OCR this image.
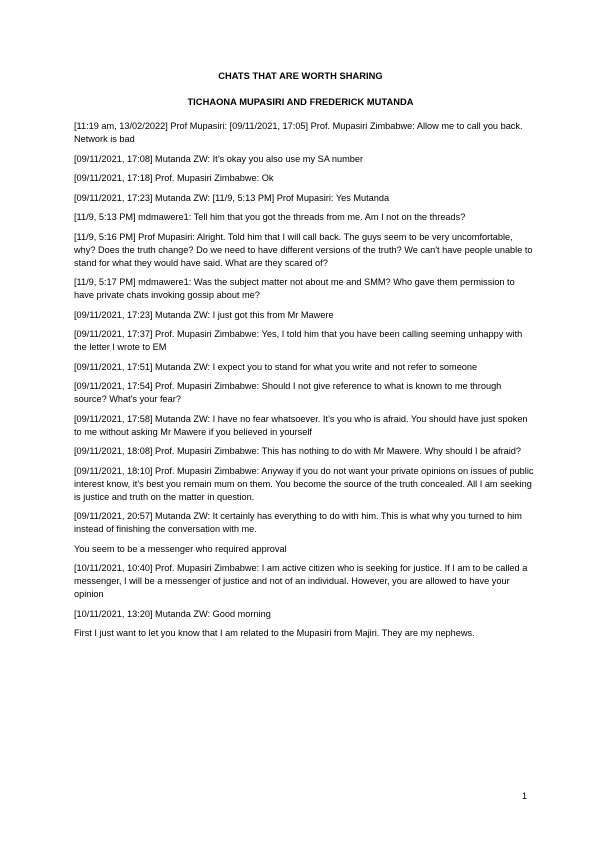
CHATS THAT ARE WORTH SHARING
TICHAONA MUPASIRI AND FREDERICK MUTANDA

[11:19 am, 13/02/2022] Prof Mupasiri: [09/11/2021, 17:05] Prof. Mupasiri Zimbabwe: Allow me to call you back. Network is bad

[09/11/2021, 17:08] Mutanda ZW: It’s okay you also use my SA number

[09/11/2021, 17:18] Prof. Mupasiri Zimbabwe: Ok

[09/11/2021, 17:23] Mutanda ZW: [11/9, 5:13 PM] Prof Mupasiri: Yes Mutanda

[11/9, 5:13 PM] mdmawere1: Tell him that you got the threads from me. Am I not on the threads?

[11/9, 5:16 PM] Prof Mupasiri: Alright. Told him that I will call back. The guys seem to be very uncomfortable, why? Does the truth change? Do we need to have different versions of the truth? We can't have people unable to stand for what they would have said. What are they scared of?

[11/9, 5:17 PM] mdmawere1: Was the subject matter not about me and SMM? Who gave them permission to have private chats invoking gossip about me?

[09/11/2021, 17:23] Mutanda ZW: I just got this from Mr Mawere

[09/11/2021, 17:37] Prof. Mupasiri Zimbabwe: Yes, I told him that you have been calling seeming unhappy with the letter I wrote to EM

[09/11/2021, 17:51] Mutanda ZW: I expect you to stand for what you write and not refer to someone

[09/11/2021, 17:54] Prof. Mupasiri Zimbabwe: Should I not give reference to what is known to me through source? What's your fear?

[09/11/2021, 17:58] Mutanda ZW: I have no fear whatsoever. It’s you who is afraid. You should have just spoken to me without asking Mr Mawere if you believed in yourself

[09/11/2021, 18:08] Prof. Mupasiri Zimbabwe: This has nothing to do with Mr Mawere. Why should I be afraid?

[09/11/2021, 18:10] Prof. Mupasiri Zimbabwe: Anyway if you do not want your private opinions on issues of public interest know, it's best you remain mum on them. You become the source of the truth concealed. All I am seeking is justice and truth on the matter in question.

[09/11/2021, 20:57] Mutanda ZW: It certainly has everything to do with him. This is what why you turned to him instead of finishing the conversation with me.

You seem to be a messenger who required approval

[10/11/2021, 10:40] Prof. Mupasiri Zimbabwe: I am active citizen who is seeking for justice. If I am to be called a messenger, I will be a messenger of justice and not of an individual. However, you are allowed to have your opinion

[10/11/2021, 13:20] Mutanda ZW: Good morning

First I just want to let you know that I am related to the Mupasiri from Majiri. They are my nephews.

1
